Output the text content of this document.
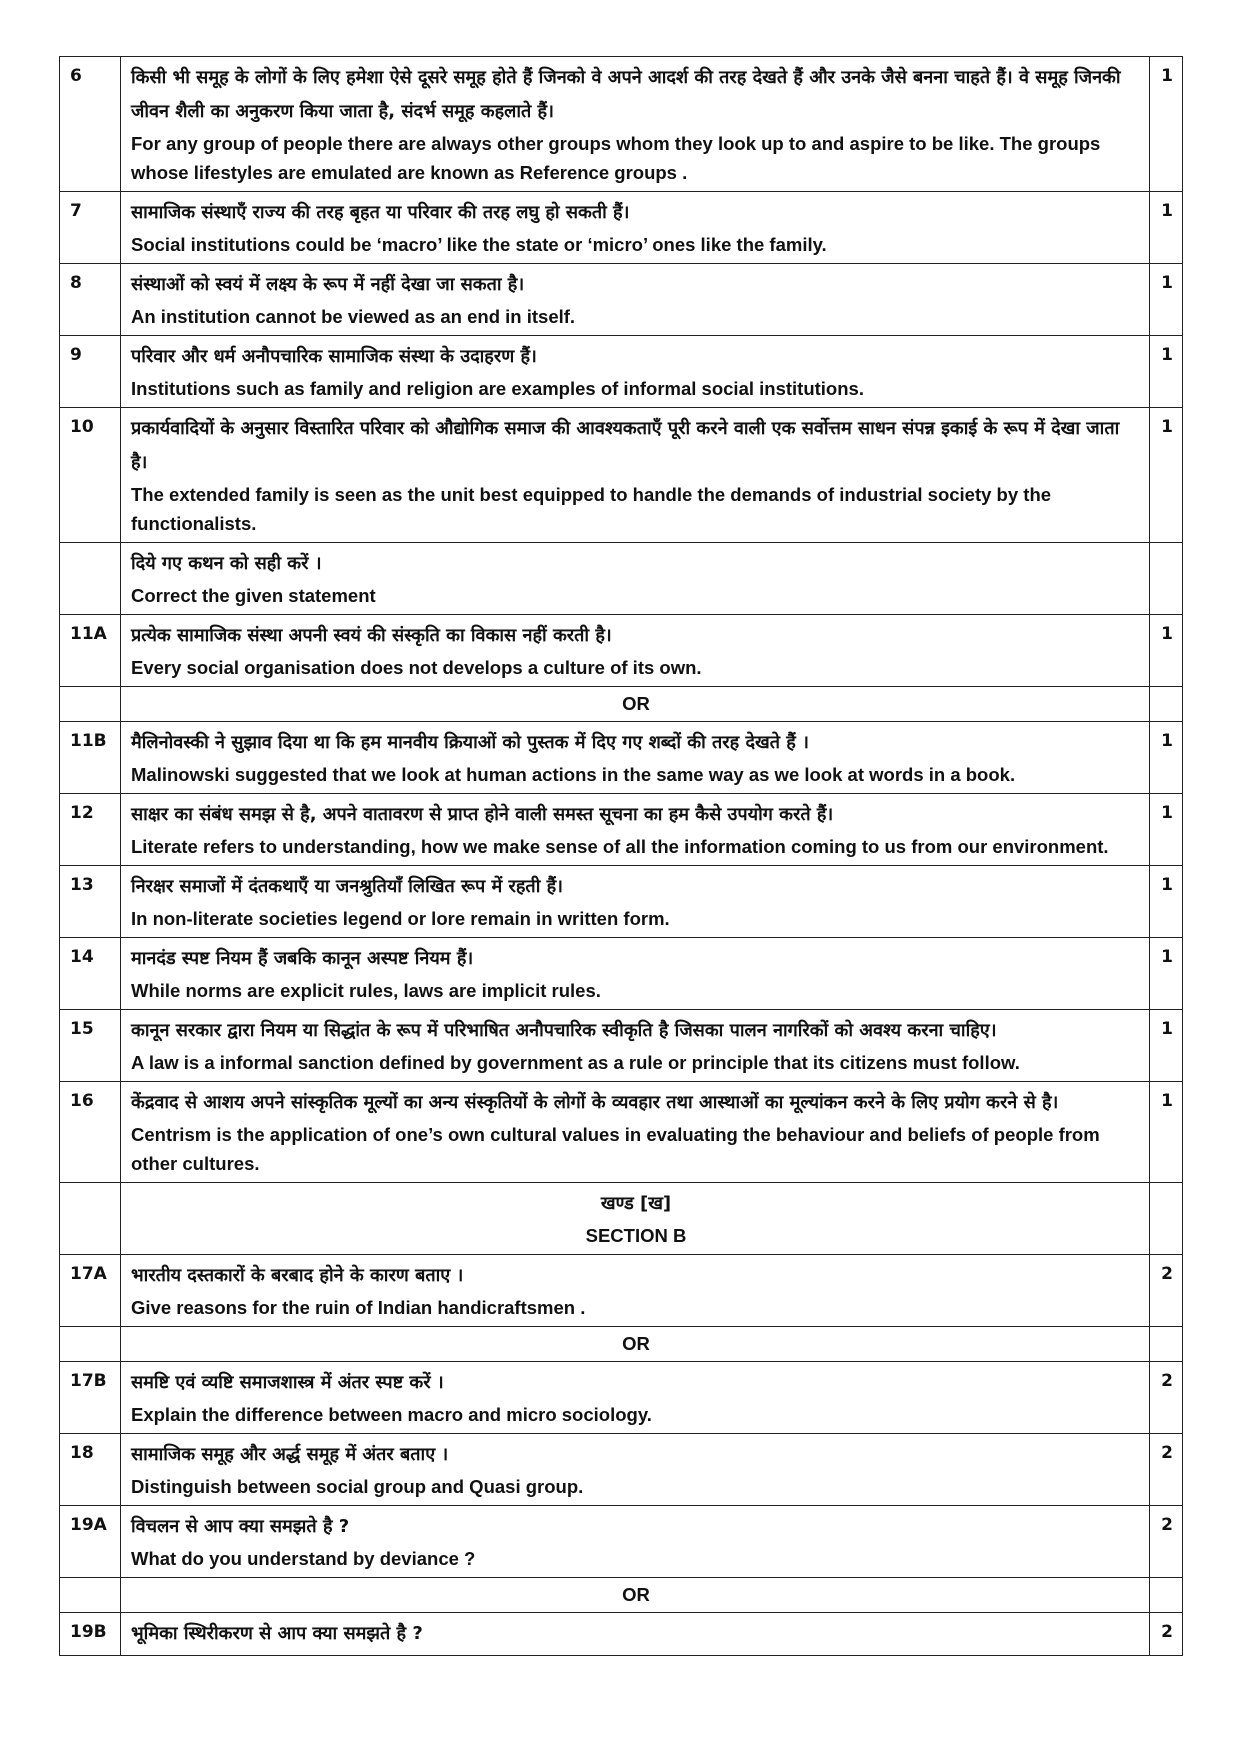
6	किसी भी समूह के लोगों के लिए हमेशा ऐसे दूसरे समूह होते हैं जिनको वे अपने आदर्श की तरह देखते हैं और उनके जैसे बनना चाहते हैं। वे समूह जिनकी जीवन शैली का अनुकरण किया जाता है, संदर्भ समूह कहलाते हैं।
For any group of people there are always other groups whom they look up to and aspire to be like. The groups whose lifestyles are emulated are known as Reference groups .	1
7	सामाजिक संस्थाएँ राज्य की तरह बृहत या परिवार की तरह लघु हो सकती हैं।
Social institutions could be ‘macro’ like the state or ‘micro’ ones like the family.	1
8	संस्थाओं को स्वयं में लक्ष्य के रूप में नहीं देखा जा सकता है।
An institution cannot be viewed as an end in itself.	1
9	परिवार और धर्म अनौपचारिक सामाजिक संस्था के उदाहरण हैं।
Institutions such as family and religion are examples of informal social institutions.	1
10	प्रकार्यवादियों के अनुसार विस्तारित परिवार को औद्योगिक समाज की आवश्यकताएँ पूरी करने वाली एक सर्वोत्तम साधन संपन्न इकाई के रूप में देखा जाता है।
The extended family is seen as the unit best equipped to handle the demands of industrial society by the functionalists.	1

	दिये गए कथन को सही करें ।
Correct the given statement	

11A	प्रत्येक सामाजिक संस्था अपनी स्वयं की संस्कृति का विकास नहीं करती है।
Every social organisation does not develops a culture of its own.	1

	OR	

11B	मैलिनोवस्की ने सुझाव दिया था कि हम मानवीय क्रियाओं को पुस्तक में दिए गए शब्दों की तरह देखते हैं ।
Malinowski suggested that we look at human actions in the same way as we look at words in a book.	1
12	साक्षर का संबंध समझ से है, अपने वातावरण से प्राप्त होने वाली समस्त सूचना का हम कैसे उपयोग करते हैं।
Literate refers to understanding, how we make sense of all the information coming to us from our environment.	1
13	निरक्षर समाजों में दंतकथाएँ या जनश्रुतियाँ लिखित रूप में रहती हैं।
In non-literate societies legend or lore remain in written form.	1
14	मानदंड स्पष्ट नियम हैं जबकि कानून अस्पष्ट नियम हैं।
While norms are explicit rules, laws are implicit rules.	1
15	कानून सरकार द्वारा नियम या सिद्धांत के रूप में परिभाषित अनौपचारिक स्वीकृति है जिसका पालन नागरिकों को अवश्य करना चाहिए।
A law is a informal sanction defined by government as a rule or principle that its citizens must follow.	1
16	केंद्रवाद से आशय अपने सांस्कृतिक मूल्यों का अन्य संस्कृतियों के लोगों के व्यवहार तथा आस्थाओं का मूल्यांकन करने के लिए प्रयोग करने से है।
Centrism is the application of one’s own cultural values in evaluating the behaviour and beliefs of people from other cultures.	1

	खण्ड [ख]
SECTION B	

17A	भारतीय दस्तकारों के बरबाद होने के कारण बताए ।
Give reasons for the ruin of Indian handicraftsmen .	2

	OR	

17B	समष्टि एवं व्यष्टि समाजशास्त्र में अंतर स्पष्ट करें ।
Explain the difference between macro and micro sociology.	2
18	सामाजिक समूह और अर्द्ध समूह में अंतर बताए ।
Distinguish between social group and Quasi group.	2
19A	विचलन से आप क्या समझते है ?
What do you understand by deviance ?	2

	OR	

19B	भूमिका स्थिरीकरण से आप क्या समझते है ?	2
